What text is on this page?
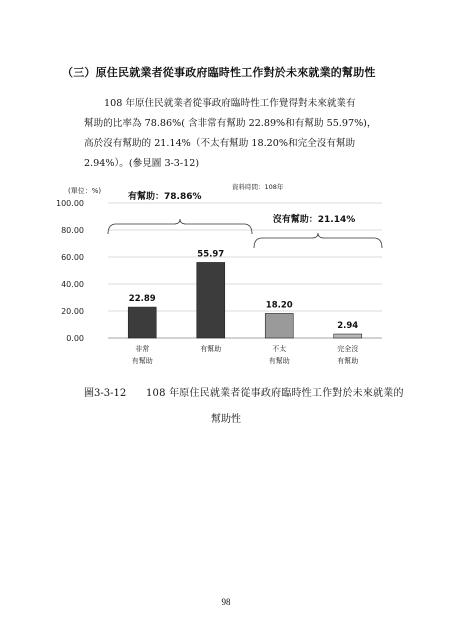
（三）原住民就業者從事政府臨時性工作對於未來就業的幫助性

108 年原住民就業者從事政府臨時性工作覺得對未來就業有

幫助的比率為 78.86%( 含非常有幫助 22.89%和有幫助 55.97%)，

高於沒有幫助的 21.14%（不太有幫助 18.20%和完全沒有幫助

2.94%）。(參見圖 3-3-12)

0.00
20.00
40.00
60.00
80.00
100.00
22.89
55.97
18.20
2.94
非常
有幫助
有幫助	不太
有幫助
完全沒
有幫助
有幫助：78.86%
沒有幫助：21.14%
(單位：%)	資料時間：108年
圖3-3-12 108 年原住民就業者從事政府臨時性工作對於未來就業的
幫助性
98
